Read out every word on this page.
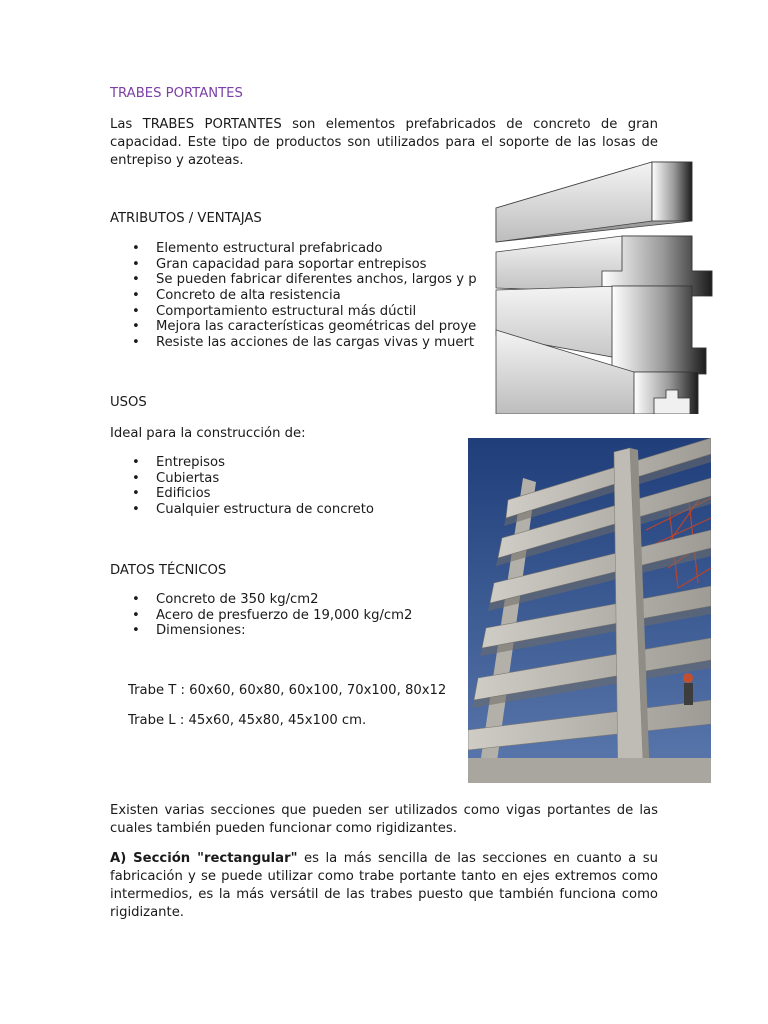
TRABES PORTANTES
Las TRABES PORTANTES son elementos prefabricados de concreto de gran capacidad. Este tipo de productos son utilizados para el soporte de las losas de entrepiso y azoteas.
ATRIBUTOS / VENTAJAS
• Elemento estructural prefabricado
• Gran capacidad para soportar entrepisos
• Se pueden fabricar diferentes anchos, largos y p
• Concreto de alta resistencia
• Comportamiento estructural más dúctil
• Mejora las características geométricas del proye
• Resiste las acciones de las cargas vivas y muert
USOS
Ideal para la construcción de:
• Entrepisos
• Cubiertas
• Edificios
• Cualquier estructura de concreto
DATOS TÉCNICOS
• Concreto de 350 kg/cm2
• Acero de presfuerzo de 19,000 kg/cm2
• Dimensiones:
Trabe T : 60x60, 60x80, 60x100, 70x100, 80x12
Trabe L : 45x60, 45x80, 45x100 cm.
Existen varias secciones que pueden ser utilizados como vigas portantes de las cuales también pueden funcionar como rigidizantes.
A) Sección "rectangular" es la más sencilla de las secciones en cuanto a su fabricación y se puede utilizar como trabe portante tanto en ejes extremos como intermedios, es la más versátil de las trabes puesto que también funciona como rigidizante.
